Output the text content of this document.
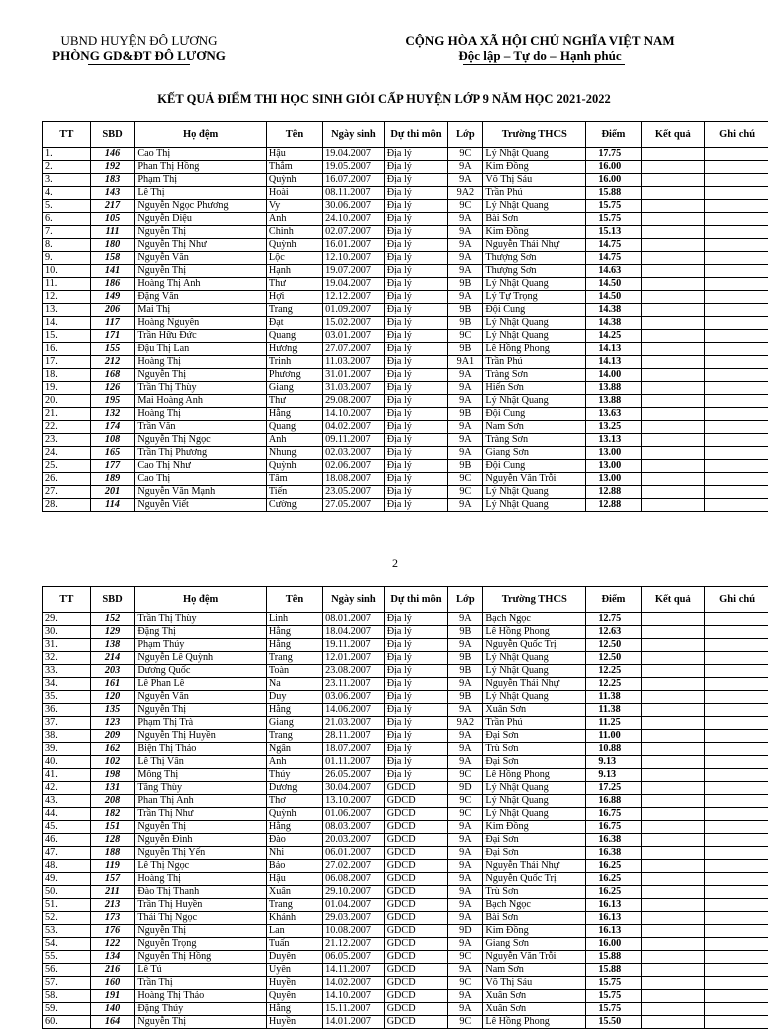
UBND HUYỆN ĐÔ LƯƠNG
PHÒNG GD&ĐT ĐÔ LƯƠNG
CỘNG HÒA XÃ HỘI CHỦ NGHĨA VIỆT NAM
Độc lập – Tự do – Hạnh phúc
KẾT QUẢ ĐIỂM THI HỌC SINH GIỎI CẤP HUYỆN LỚP 9 NĂM HỌC 2021-2022
TT	SBD	Họ đệm	Tên	Ngày sinh	Dự thi môn	Lớp	Trường THCS	Điểm	Kết quả	Ghi chú
1.	146	Cao Thị	Hậu	19.04.2007	Địa lý	9C	Lý Nhật Quang	17.75		
2.	192	Phan Thị Hồng	Thắm	19.05.2007	Địa lý	9A	Kim Đồng	16.00		
3.	183	Phạm Thị	Quỳnh	16.07.2007	Địa lý	9A	Võ Thị Sáu	16.00		
4.	143	Lê Thị	Hoài	08.11.2007	Địa lý	9A2	Trần Phú	15.88		
5.	217	Nguyễn Ngọc Phương	Vy	30.06.2007	Địa lý	9C	Lý Nhật Quang	15.75		
6.	105	Nguyễn Diệu	Anh	24.10.2007	Địa lý	9A	Bài Sơn	15.75		
7.	111	Nguyễn Thị	Chinh	02.07.2007	Địa lý	9A	Kim Đồng	15.13		
8.	180	Nguyễn Thị Như	Quỳnh	16.01.2007	Địa lý	9A	Nguyễn Thái Nhự	14.75		
9.	158	Nguyễn Văn	Lộc	12.10.2007	Địa lý	9A	Thượng Sơn	14.75		
10.	141	Nguyễn Thị	Hạnh	19.07.2007	Địa lý	9A	Thượng Sơn	14.63		
11.	186	Hoàng Thị Anh	Thư	19.04.2007	Địa lý	9B	Lý Nhật Quang	14.50		
12.	149	Đặng Văn	Hợi	12.12.2007	Địa lý	9A	Lý Tự Trọng	14.50		
13.	206	Mai Thị	Trang	01.09.2007	Địa lý	9B	Đội Cung	14.38		
14.	117	Hoàng Nguyên	Đạt	15.02.2007	Địa lý	9B	Lý Nhật Quang	14.38		
15.	171	Trần Hữu Đức	Quang	03.01.2007	Địa lý	9C	Lý Nhật Quang	14.25		
16.	155	Đậu Thị Lan	Hương	27.07.2007	Địa lý	9B	Lê Hồng Phong	14.13		
17.	212	Hoàng Thị	Trinh	11.03.2007	Địa lý	9A1	Trần Phú	14.13		
18.	168	Nguyễn Thị	Phương	31.01.2007	Địa lý	9A	Tràng Sơn	14.00		
19.	126	Trần Thị Thùy	Giang	31.03.2007	Địa lý	9A	Hiến Sơn	13.88		
20.	195	Mai Hoàng Anh	Thư	29.08.2007	Địa lý	9A	Lý Nhật Quang	13.88		
21.	132	Hoàng Thị	Hằng	14.10.2007	Địa lý	9B	Đội Cung	13.63		
22.	174	Trần Văn	Quang	04.02.2007	Địa lý	9A	Nam Sơn	13.25		
23.	108	Nguyễn Thị Ngọc	Anh	09.11.2007	Địa lý	9A	Tràng Sơn	13.13		
24.	165	Trần Thị Phương	Nhung	02.03.2007	Địa lý	9A	Giang Sơn	13.00		
25.	177	Cao Thị Như	Quỳnh	02.06.2007	Địa lý	9B	Đội Cung	13.00		
26.	189	Cao Thị	Tâm	18.08.2007	Địa lý	9C	Nguyễn Văn Trỗi	13.00		
27.	201	Nguyễn Văn Mạnh	Tiến	23.05.2007	Địa lý	9C	Lý Nhật Quang	12.88		
28.	114	Nguyễn Viết	Cường	27.05.2007	Địa lý	9A	Lý Nhật Quang	12.88		
2
TT	SBD	Họ đệm	Tên	Ngày sinh	Dự thi môn	Lớp	Trường THCS	Điểm	Kết quả	Ghi chú
29.	152	Trần Thị Thùy	Linh	08.01.2007	Địa lý	9A	Bạch Ngọc	12.75		
30.	129	Đặng Thị	Hằng	18.04.2007	Địa lý	9B	Lê Hồng Phong	12.63		
31.	138	Phạm Thúy	Hằng	19.11.2007	Địa lý	9A	Nguyễn Quốc Trị	12.50		
32.	214	Nguyễn Lê Quỳnh	Trang	12.01.2007	Địa lý	9B	Lý Nhật Quang	12.50		
33.	203	Dương Quốc	Toàn	23.08.2007	Địa lý	9B	Lý Nhật Quang	12.25		
34.	161	Lê Phan Lê	Na	23.11.2007	Địa lý	9A	Nguyễn Thái Nhự	12.25		
35.	120	Nguyễn Văn	Duy	03.06.2007	Địa lý	9B	Lý Nhật Quang	11.38		
36.	135	Nguyễn Thị	Hằng	14.06.2007	Địa lý	9A	Xuân Sơn	11.38		
37.	123	Phạm Thị Trà	Giang	21.03.2007	Địa lý	9A2	Trần Phú	11.25		
38.	209	Nguyễn Thị Huyền	Trang	28.11.2007	Địa lý	9A	Đại Sơn	11.00		
39.	162	Biện Thị Thảo	Ngân	18.07.2007	Địa lý	9A	Trù Sơn	10.88		
40.	102	Lê Thị Vân	Anh	01.11.2007	Địa lý	9A	Đại Sơn	9.13		
41.	198	Mông Thị	Thúy	26.05.2007	Địa lý	9C	Lê Hồng Phong	9.13		
42.	131	Tăng Thùy	Dương	30.04.2007	GDCD	9D	Lý Nhật Quang	17.25		
43.	208	Phan Thị Anh	Thơ	13.10.2007	GDCD	9C	Lý Nhật Quang	16.88		
44.	182	Trần Thị Như	Quỳnh	01.06.2007	GDCD	9C	Lý Nhật Quang	16.75		
45.	151	Nguyễn Thị	Hằng	08.03.2007	GDCD	9A	Kim Đồng	16.75		
46.	128	Nguyễn Đình	Đào	20.03.2007	GDCD	9A	Đại Sơn	16.38		
47.	188	Nguyễn Thị Yến	Nhi	06.01.2007	GDCD	9A	Đại Sơn	16.38		
48.	119	Lê Thị Ngọc	Bảo	27.02.2007	GDCD	9A	Nguyễn Thái Nhự	16.25		
49.	157	Hoàng Thị	Hậu	06.08.2007	GDCD	9A	Nguyễn Quốc Trị	16.25		
50.	211	Đào Thị Thanh	Xuân	29.10.2007	GDCD	9A	Trù Sơn	16.25		
51.	213	Trần Thị Huyền	Trang	01.04.2007	GDCD	9A	Bạch Ngọc	16.13		
52.	173	Thái Thị Ngọc	Khánh	29.03.2007	GDCD	9A	Bài Sơn	16.13		
53.	176	Nguyễn Thị	Lan	10.08.2007	GDCD	9D	Kim Đồng	16.13		
54.	122	Nguyễn Trọng	Tuấn	21.12.2007	GDCD	9A	Giang Sơn	16.00		
55.	134	Nguyễn Thị Hồng	Duyên	06.05.2007	GDCD	9C	Nguyễn Văn Trỗi	15.88		
56.	216	Lê Tú	Uyên	14.11.2007	GDCD	9A	Nam Sơn	15.88		
57.	160	Trần Thị	Huyền	14.02.2007	GDCD	9C	Võ Thị Sáu	15.75		
58.	191	Hoàng Thị Thảo	Quyên	14.10.2007	GDCD	9A	Xuân Sơn	15.75		
59.	140	Đặng Thúy	Hằng	15.11.2007	GDCD	9A	Xuân Sơn	15.75		
60.	164	Nguyễn Thị	Huyền	14.01.2007	GDCD	9C	Lê Hồng Phong	15.50		
